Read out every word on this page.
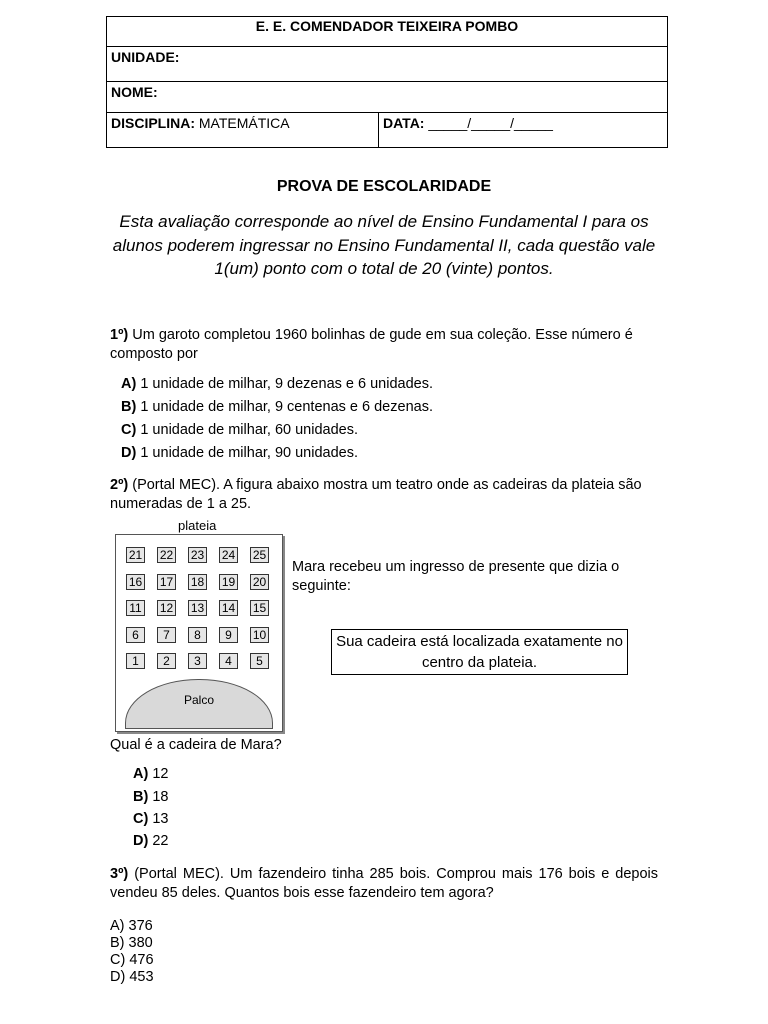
E. E. COMENDADOR TEIXEIRA POMBO
UNIDADE:
NOME:
DISCIPLINA: MATEMÁTICA	DATA: _____/_____/_____
PROVA DE ESCOLARIDADE
Esta avaliação corresponde ao nível de Ensino Fundamental I para os alunos poderem ingressar no Ensino Fundamental II, cada questão vale 1(um) ponto com o total de 20 (vinte) pontos.
1º) Um garoto completou 1960 bolinhas de gude em sua coleção. Esse número é composto por
A) 1 unidade de milhar, 9 dezenas e 6 unidades.
B) 1 unidade de milhar, 9 centenas e 6 dezenas.
C) 1 unidade de milhar, 60 unidades.
D) 1 unidade de milhar, 90 unidades.
2º) (Portal MEC). A figura abaixo mostra um teatro onde as cadeiras da plateia são numeradas de 1 a 25.
plateia
Palco
21 22 23 24 25
16 17 18 19 20
11 12 13 14 15
6	7	8	9	10
1	2	3	4	5
Mara recebeu um ingresso de presente que dizia o seguinte:
Sua cadeira está localizada exatamente no centro da plateia.
Qual é a cadeira de Mara?
A) 12
B) 18
C) 13
D) 22
3º) (Portal MEC). Um fazendeiro tinha 285 bois. Comprou mais 176 bois e depois vendeu 85 deles. Quantos bois esse fazendeiro tem agora?
A) 376
B) 380
C) 476
D) 453
